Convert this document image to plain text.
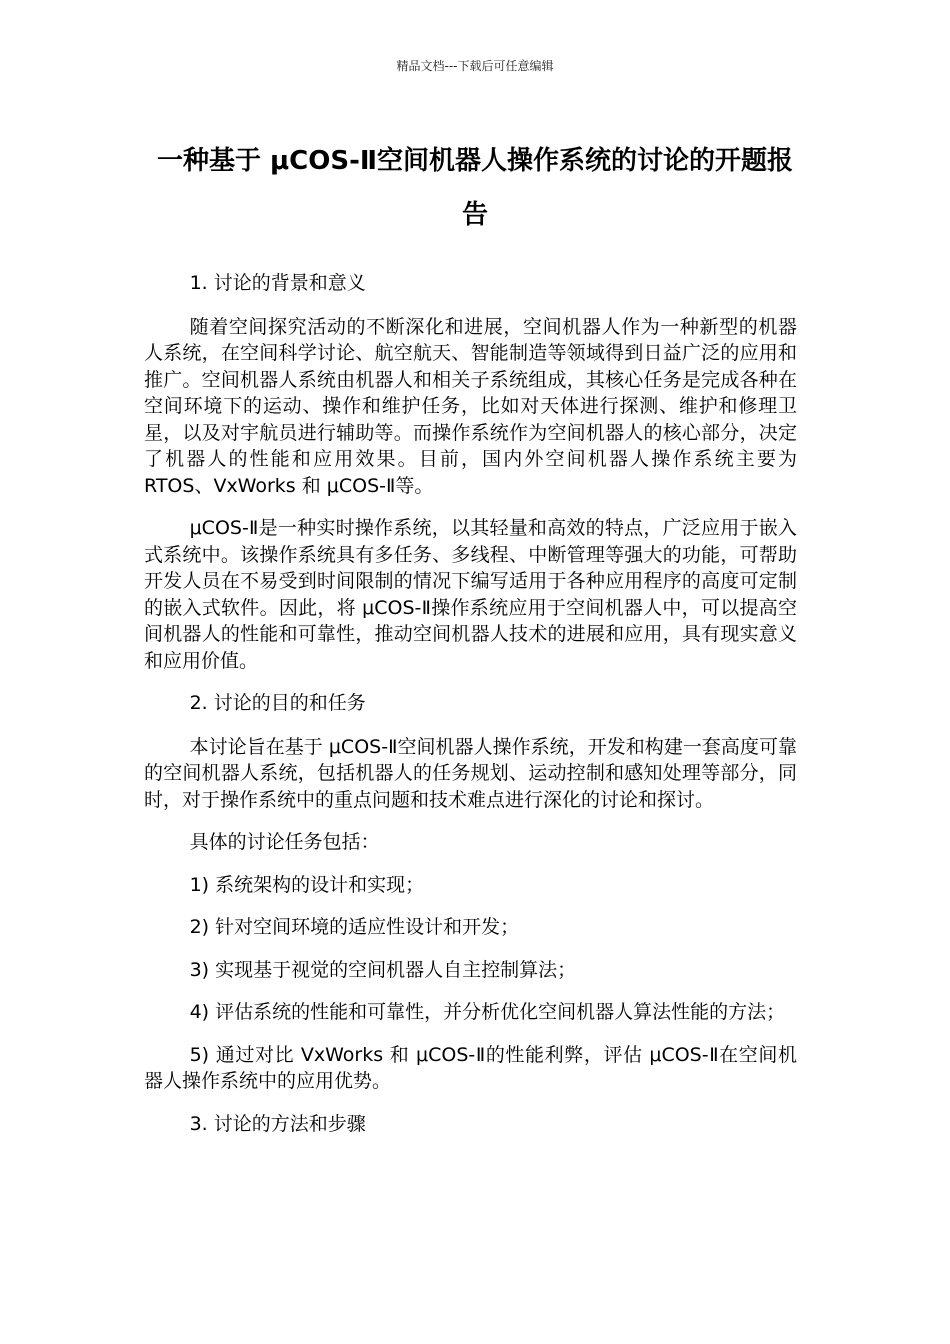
精品文档---下载后可任意编辑
一种基于 μCOS-Ⅱ空间机器人操作系统的讨论的开题报告

1. 讨论的背景和意义

随着空间探究活动的不断深化和进展，空间机器人作为一种新型的机器人系统，在空间科学讨论、航空航天、智能制造等领域得到日益广泛的应用和推广。空间机器人系统由机器人和相关子系统组成，其核心任务是完成各种在空间环境下的运动、操作和维护任务，比如对天体进行探测、维护和修理卫星，以及对宇航员进行辅助等。而操作系统作为空间机器人的核心部分，决定了机器人的性能和应用效果。目前，国内外空间机器人操作系统主要为 RTOS、VxWorks 和 μCOS-Ⅱ等。

μCOS-Ⅱ是一种实时操作系统，以其轻量和高效的特点，广泛应用于嵌入式系统中。该操作系统具有多任务、多线程、中断管理等强大的功能，可帮助开发人员在不易受到时间限制的情况下编写适用于各种应用程序的高度可定制的嵌入式软件。因此，将 μCOS-Ⅱ操作系统应用于空间机器人中，可以提高空间机器人的性能和可靠性，推动空间机器人技术的进展和应用，具有现实意义和应用价值。

2. 讨论的目的和任务

本讨论旨在基于 μCOS-Ⅱ空间机器人操作系统，开发和构建一套高度可靠的空间机器人系统，包括机器人的任务规划、运动控制和感知处理等部分，同时，对于操作系统中的重点问题和技术难点进行深化的讨论和探讨。

具体的讨论任务包括：

1) 系统架构的设计和实现；

2) 针对空间环境的适应性设计和开发；

3) 实现基于视觉的空间机器人自主控制算法；

4) 评估系统的性能和可靠性，并分析优化空间机器人算法性能的方法；

5) 通过对比 VxWorks 和 μCOS-Ⅱ的性能利弊，评估 μCOS-Ⅱ在空间机器人操作系统中的应用优势。

3. 讨论的方法和步骤
